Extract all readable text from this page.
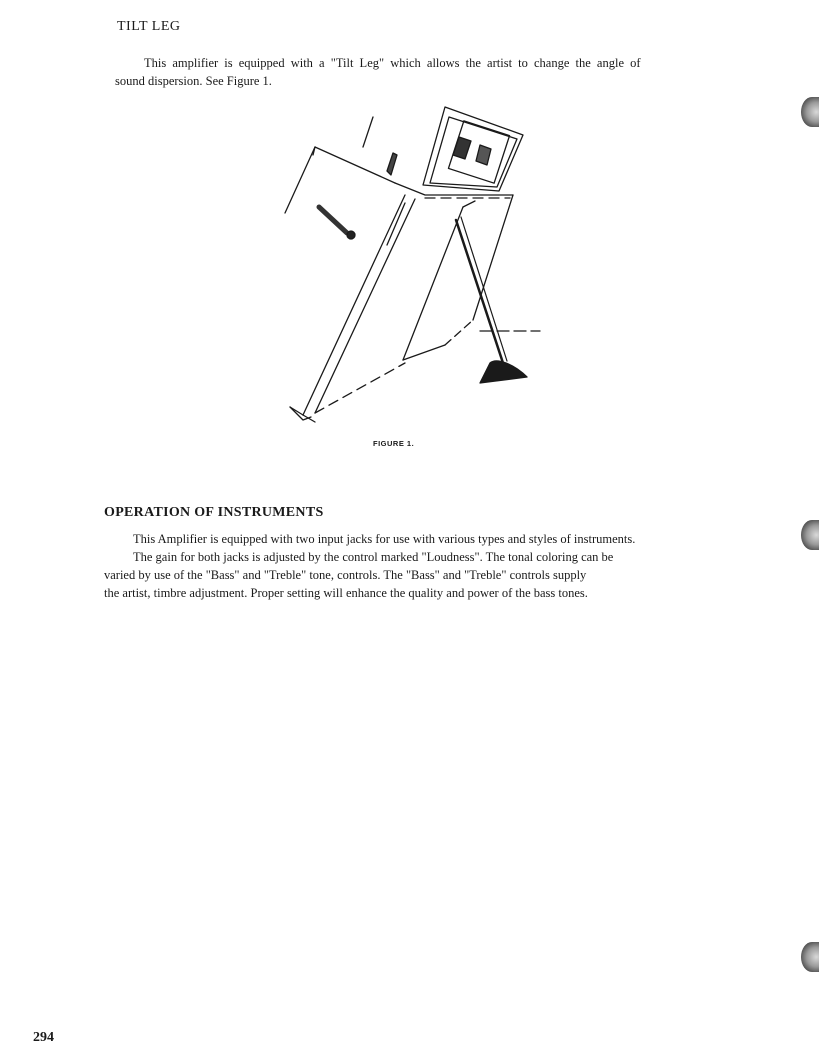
TILT LEG

This amplifier is equipped with a "Tilt Leg" which allows the artist to change the angle of
sound dispersion. See Figure 1.

FIGURE 1.
OPERATION OF INSTRUMENTS

This Amplifier is equipped with two input jacks for use with various types and styles of instruments.
The gain for both jacks is adjusted by the control marked "Loudness". The tonal coloring can be
varied by use of the "Bass" and "Treble" tone, controls. The "Bass" and "Treble" controls supply
the artist, timbre adjustment. Proper setting will enhance the quality and power of the bass tones.

294
